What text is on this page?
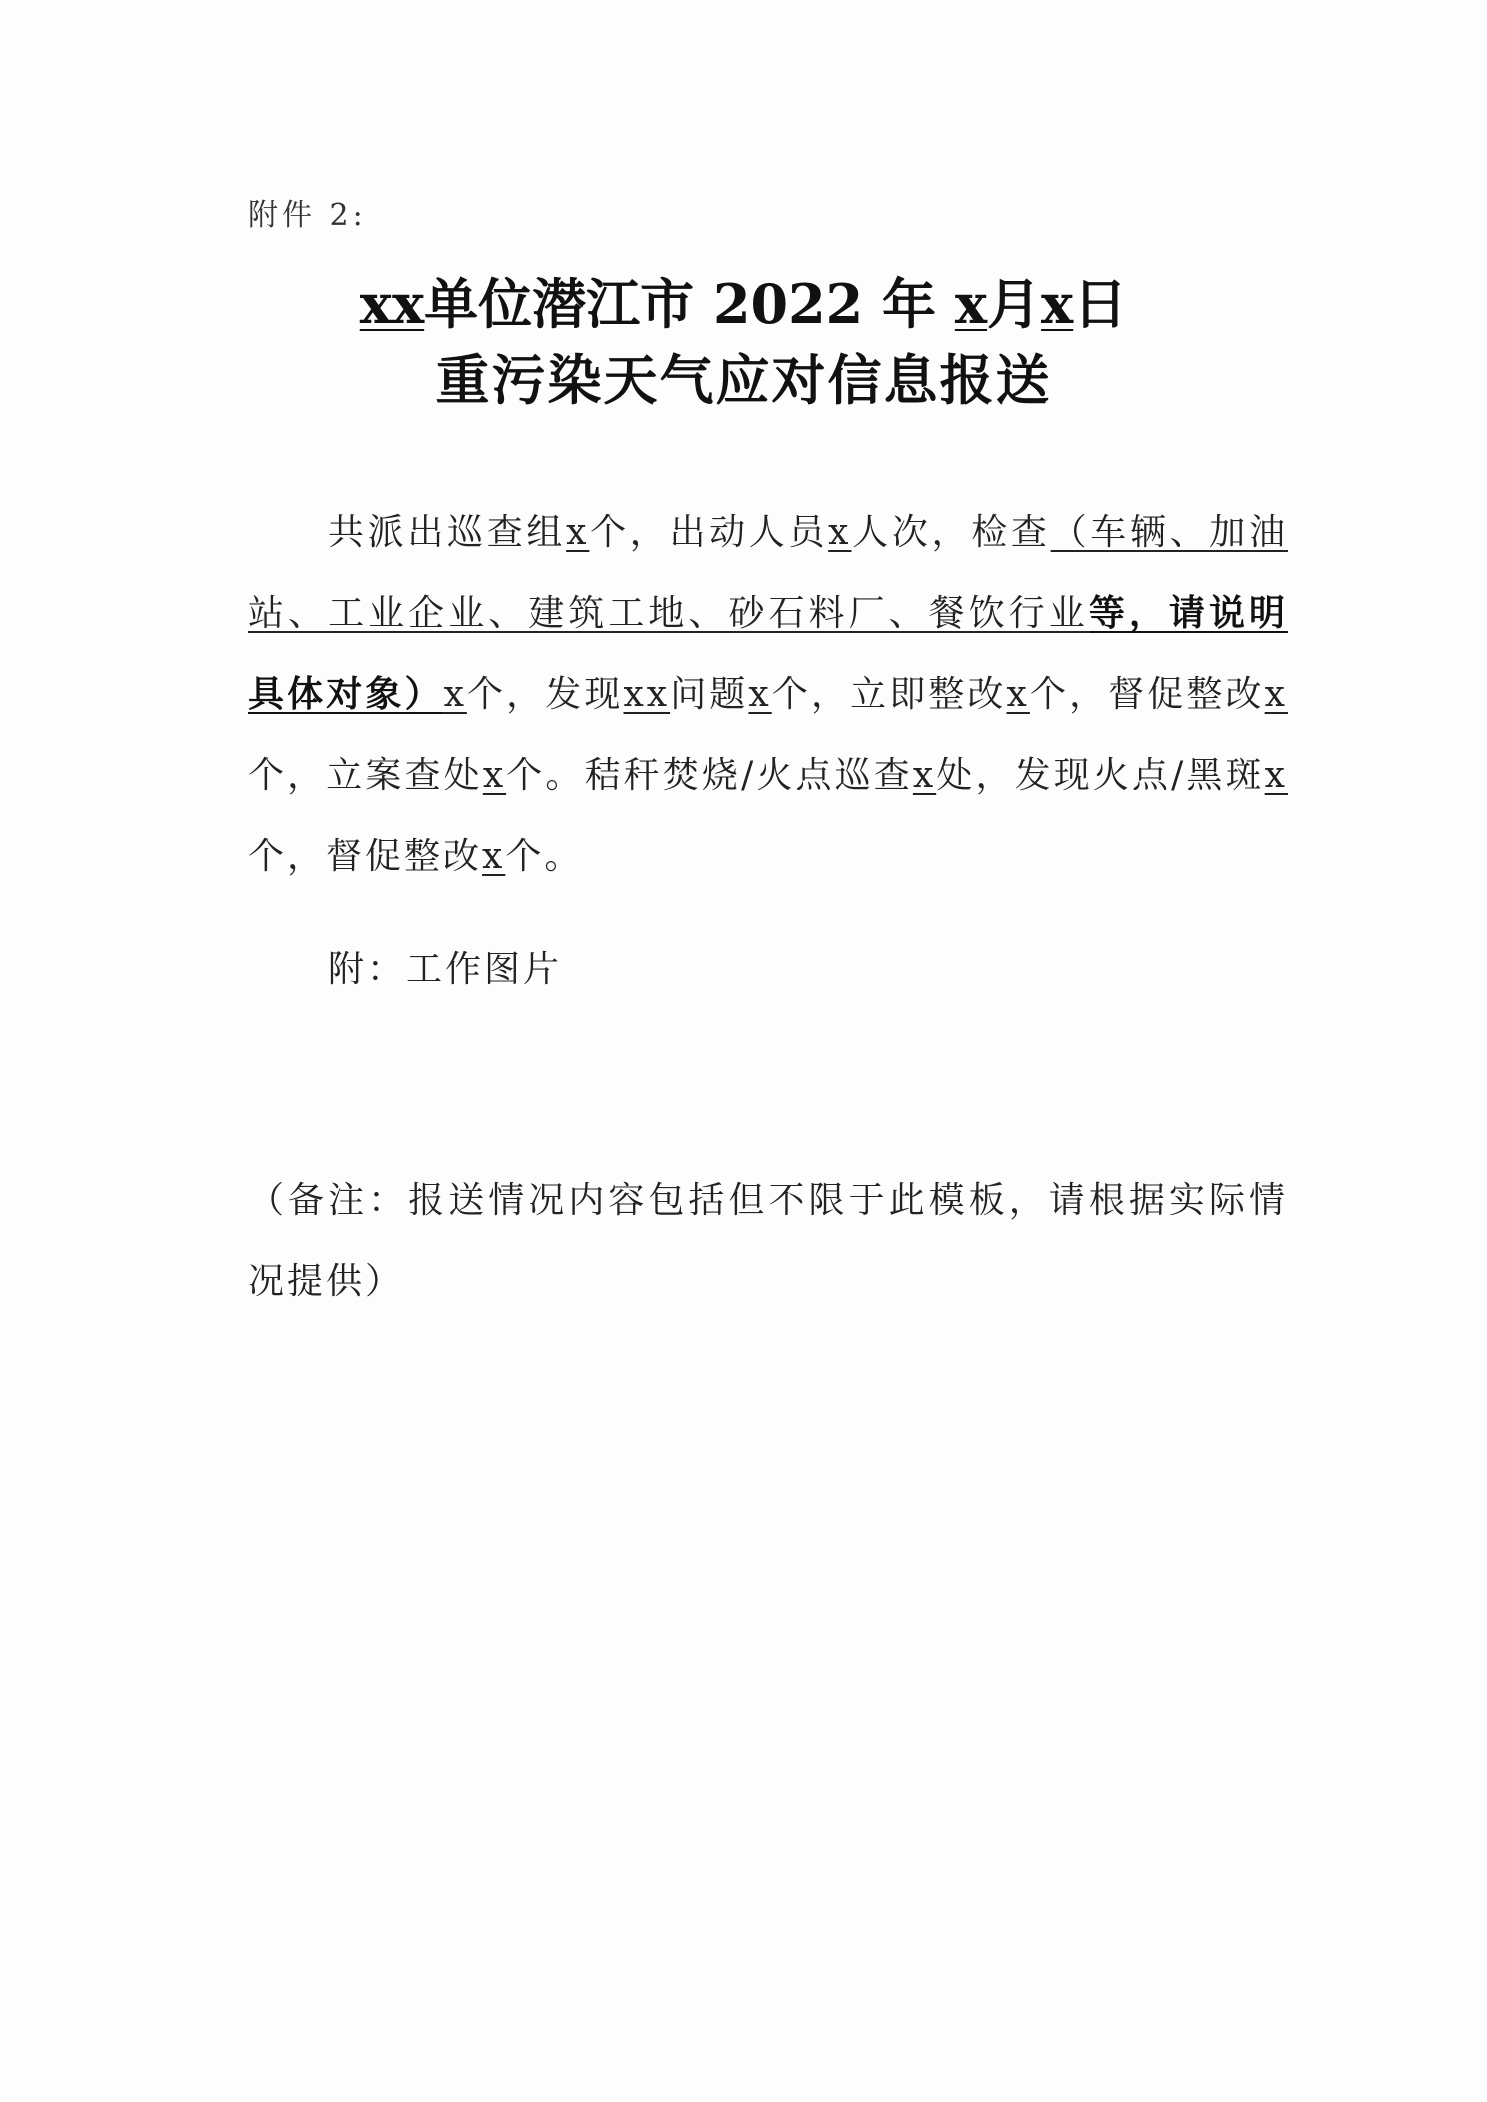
附件 2:
xx单位潜江市 2022 年 x月x日
重污染天气应对信息报送
共派出巡查组x个，出动人员x人次，检查（车辆、加油站、工业企业、建筑工地、砂石料厂、餐饮行业等，请说明具体对象）x个，发现xx问题x个，立即整改x个，督促整改x个，立案查处x个。秸秆焚烧/火点巡查x处，发现火点/黑斑x个，督促整改x个。
附：工作图片
（备注：报送情况内容包括但不限于此模板，请根据实际情况提供）
